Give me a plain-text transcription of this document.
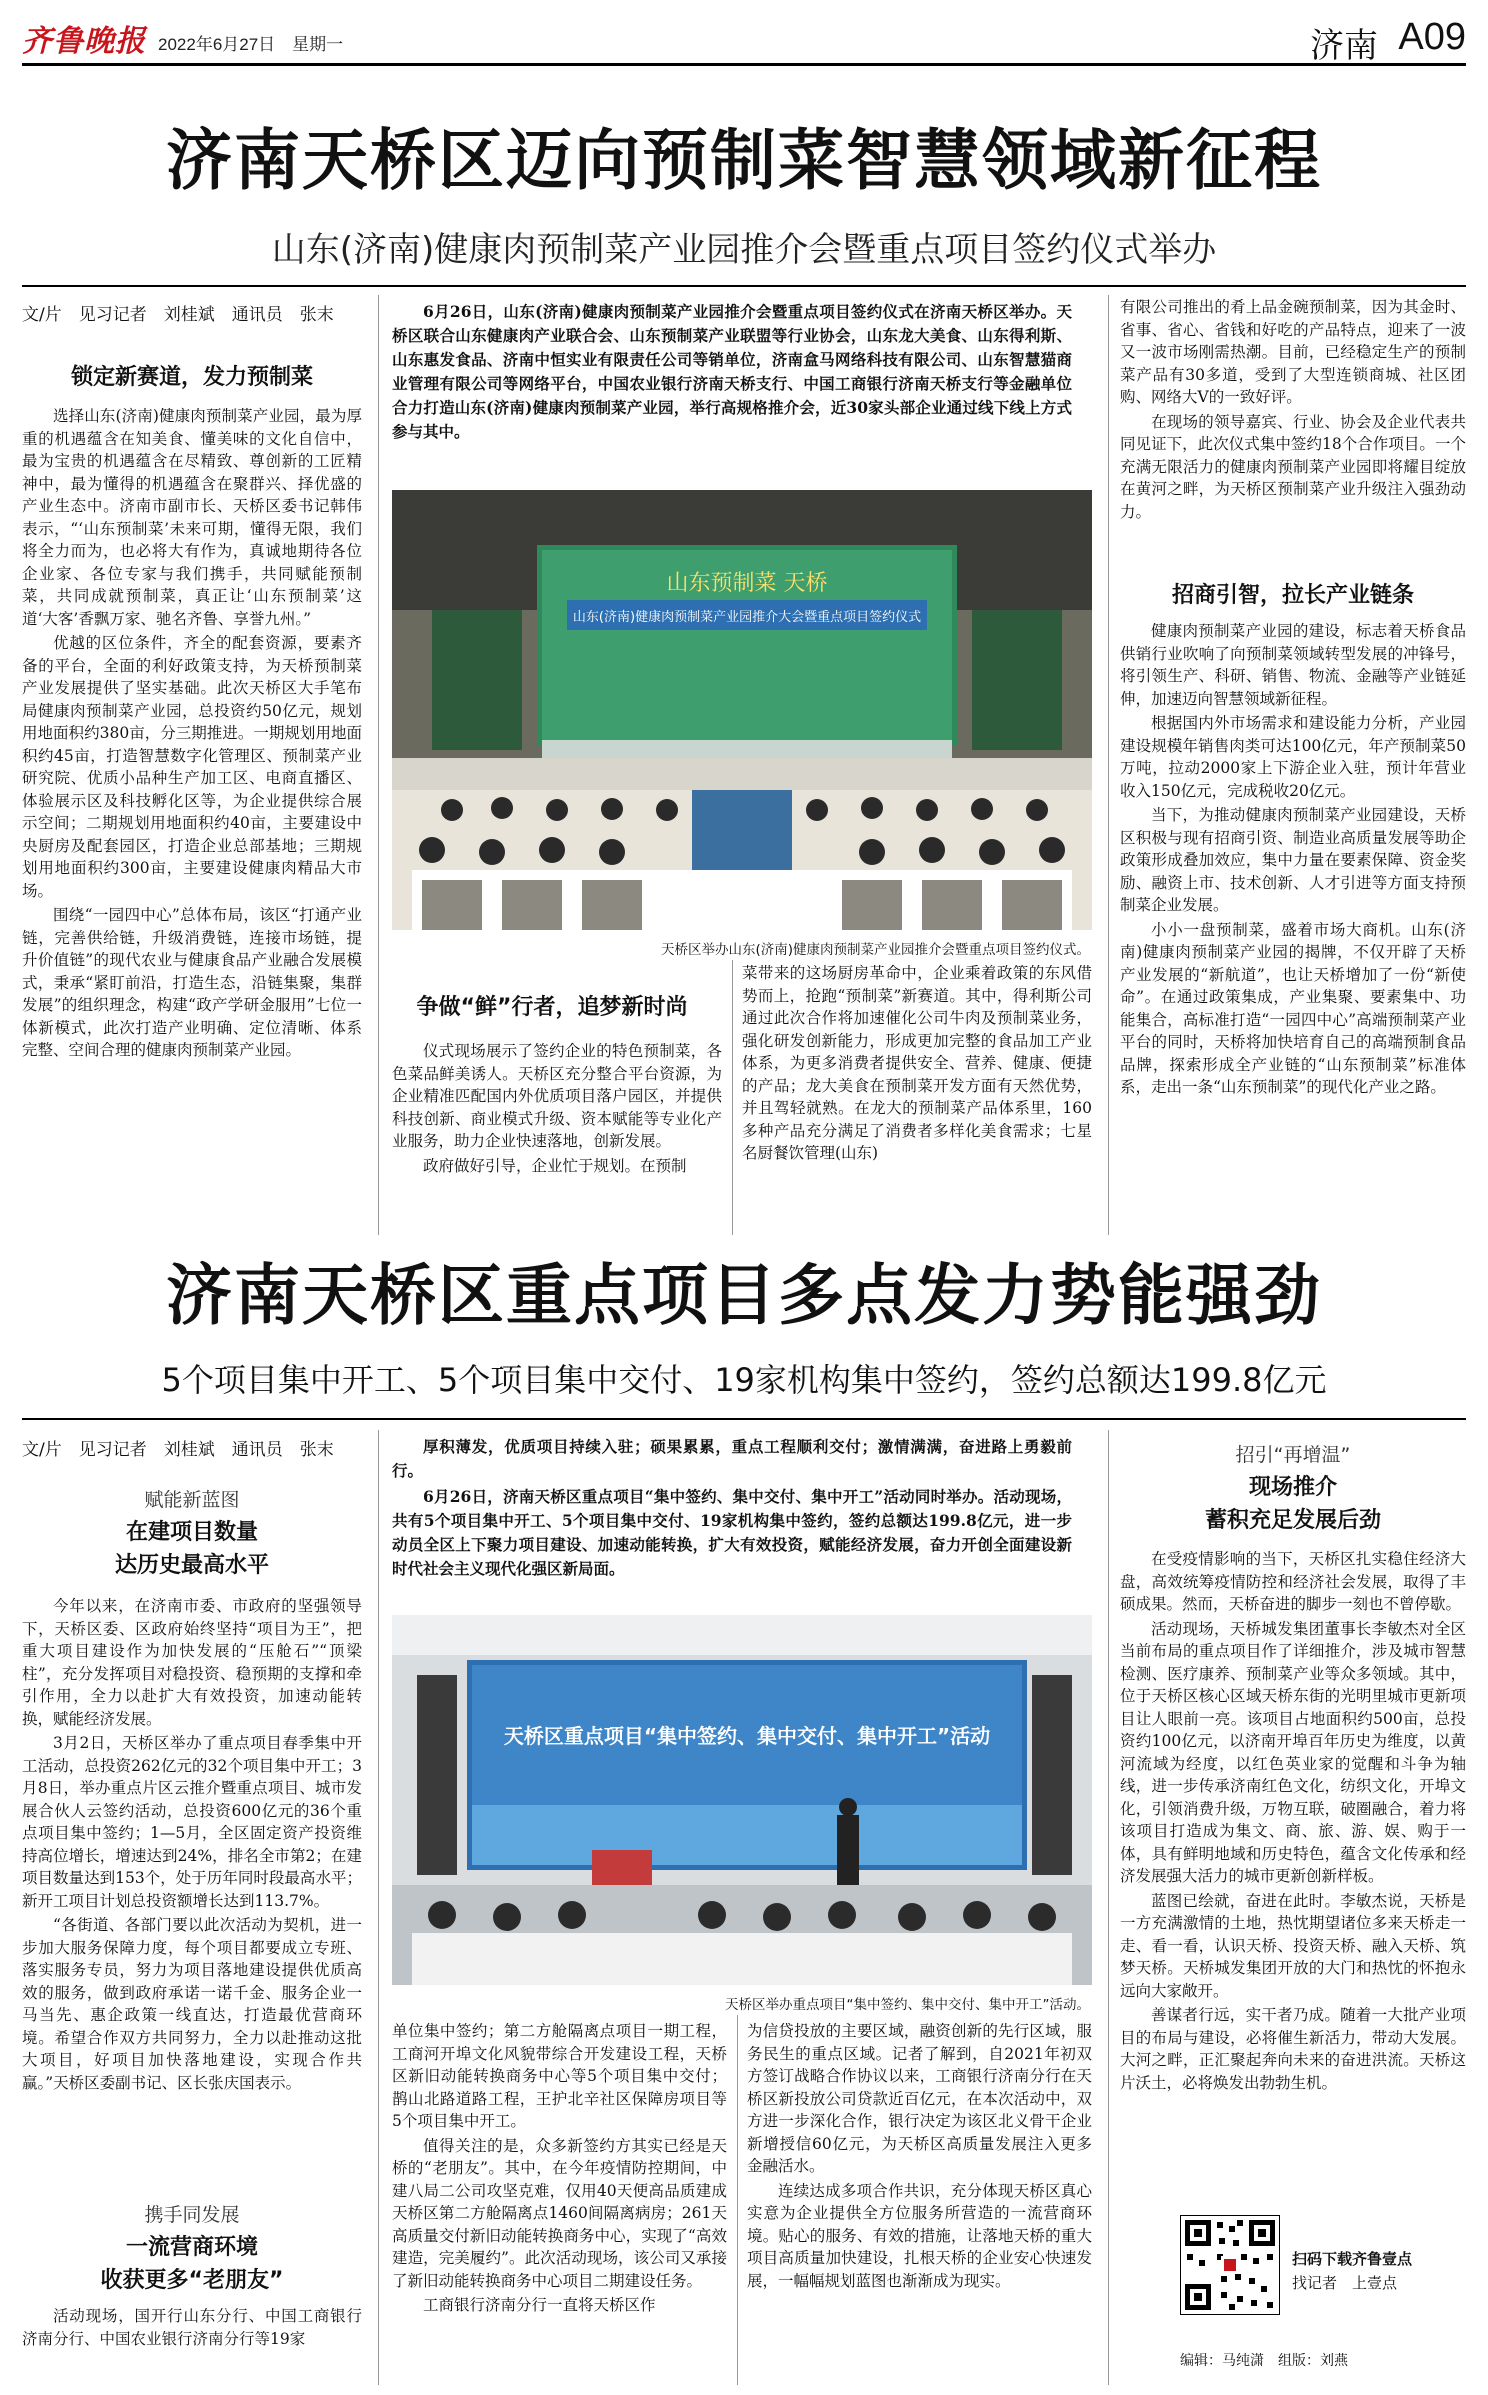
齐鲁晚报 2022年6月27日　星期一	济南 A09
济南天桥区迈向预制菜智慧领域新征程
山东(济南)健康肉预制菜产业园推介会暨重点项目签约仪式举办
文/片　见习记者　刘桂斌　通讯员　张末
锁定新赛道，发力预制菜

选择山东(济南)健康肉预制菜产业园，最为厚重的机遇蕴含在知美食、懂美味的文化自信中，最为宝贵的机遇蕴含在尽精致、尊创新的工匠精神中，最为懂得的机遇蕴含在聚群兴、择优盛的产业生态中。济南市副市长、天桥区委书记韩伟表示，“‘山东预制菜’未来可期，懂得无限，我们将全力而为，也必将大有作为，真诚地期待各位企业家、各位专家与我们携手，共同赋能预制菜，共同成就预制菜，真正让‘山东预制菜’这道‘大客’香飘万家、驰名齐鲁、享誉九州。”

优越的区位条件，齐全的配套资源，要素齐备的平台，全面的利好政策支持，为天桥预制菜产业发展提供了坚实基础。此次天桥区大手笔布局健康肉预制菜产业园，总投资约50亿元，规划用地面积约380亩，分三期推进。一期规划用地面积约45亩，打造智慧数字化管理区、预制菜产业研究院、优质小品种生产加工区、电商直播区、体验展示区及科技孵化区等，为企业提供综合展示空间；二期规划用地面积约40亩，主要建设中央厨房及配套园区，打造企业总部基地；三期规划用地面积约300亩，主要建设健康肉精品大市场。

围绕“一园四中心”总体布局，该区“打通产业链，完善供给链，升级消费链，连接市场链，提升价值链”的现代农业与健康食品产业融合发展模式，秉承“紧盯前沿，打造生态，沿链集聚，集群发展”的组织理念，构建“政产学研金服用”七位一体新模式，此次打造产业明确、定位清晰、体系完整、空间合理的健康肉预制菜产业园。

6月26日，山东(济南)健康肉预制菜产业园推介会暨重点项目签约仪式在济南天桥区举办。天桥区联合山东健康肉产业联合会、山东预制菜产业联盟等行业协会，山东龙大美食、山东得利斯、山东惠发食品、济南中恒实业有限责任公司等销单位，济南盒马网络科技有限公司、山东智慧猫商业管理有限公司等网络平台，中国农业银行济南天桥支行、中国工商银行济南天桥支行等金融单位合力打造山东(济南)健康肉预制菜产业园，举行高规格推介会，近30家头部企业通过线下线上方式参与其中。
山东预制菜 天桥
山东(济南)健康肉预制菜产业园推介大会暨重点项目签约仪式
天桥区举办山东(济南)健康肉预制菜产业园推介会暨重点项目签约仪式。
争做“鲜”行者，追梦新时尚

仪式现场展示了签约企业的特色预制菜，各色菜品鲜美诱人。天桥区充分整合平台资源，为企业精准匹配国内外优质项目落户园区，并提供科技创新、商业模式升级、资本赋能等专业化产业服务，助力企业快速落地，创新发展。

政府做好引导，企业忙于规划。在预制

菜带来的这场厨房革命中，企业乘着政策的东风借势而上，抢跑“预制菜”新赛道。其中，得利斯公司通过此次合作将加速催化公司牛肉及预制菜业务，强化研发创新能力，形成更加完整的食品加工产业体系，为更多消费者提供安全、营养、健康、便捷的产品；龙大美食在预制菜开发方面有天然优势，并且驾轻就熟。在龙大的预制菜产品体系里，160多种产品充分满足了消费者多样化美食需求；七星名厨餐饮管理(山东)

有限公司推出的肴上品金碗预制菜，因为其金时、省事、省心、省钱和好吃的产品特点，迎来了一波又一波市场刚需热潮。目前，已经稳定生产的预制菜产品有30多道，受到了大型连锁商城、社区团购、网络大V的一致好评。

在现场的领导嘉宾、行业、协会及企业代表共同见证下，此次仪式集中签约18个合作项目。一个充满无限活力的健康肉预制菜产业园即将耀目绽放在黄河之畔，为天桥区预制菜产业升级注入强劲动力。

招商引智，拉长产业链条

健康肉预制菜产业园的建设，标志着天桥食品供销行业吹响了向预制菜领域转型发展的冲锋号，将引领生产、科研、销售、物流、金融等产业链延伸，加速迈向智慧领域新征程。

根据国内外市场需求和建设能力分析，产业园建设规模年销售肉类可达100亿元，年产预制菜50万吨，拉动2000家上下游企业入驻，预计年营业收入150亿元，完成税收20亿元。

当下，为推动健康肉预制菜产业园建设，天桥区积极与现有招商引资、制造业高质量发展等助企政策形成叠加效应，集中力量在要素保障、资金奖励、融资上市、技术创新、人才引进等方面支持预制菜企业发展。

小小一盘预制菜，盛着市场大商机。山东(济南)健康肉预制菜产业园的揭牌，不仅开辟了天桥产业发展的“新航道”，也让天桥增加了一份“新使命”。在通过政策集成，产业集聚、要素集中、功能集合，高标准打造“一园四中心”高端预制菜产业平台的同时，天桥将加快培育自己的高端预制食品品牌，探索形成全产业链的“山东预制菜”标准体系，走出一条“山东预制菜”的现代化产业之路。

济南天桥区重点项目多点发力势能强劲
5个项目集中开工、5个项目集中交付、19家机构集中签约，签约总额达199.8亿元
文/片　见习记者　刘桂斌　通讯员　张末
赋能新蓝图
在建项目数量
达历史最高水平

今年以来，在济南市委、市政府的坚强领导下，天桥区委、区政府始终坚持“项目为王”，把重大项目建设作为加快发展的“压舱石”“顶梁柱”，充分发挥项目对稳投资、稳预期的支撑和牵引作用，全力以赴扩大有效投资，加速动能转换，赋能经济发展。

3月2日，天桥区举办了重点项目春季集中开工活动，总投资262亿元的32个项目集中开工；3月8日，举办重点片区云推介暨重点项目、城市发展合伙人云签约活动，总投资600亿元的36个重点项目集中签约；1—5月，全区固定资产投资维持高位增长，增速达到24%，排名全市第2；在建项目数量达到153个，处于历年同时段最高水平；新开工项目计划总投资额增长达到113.7%。

“各街道、各部门要以此次活动为契机，进一步加大服务保障力度，每个项目都要成立专班、落实服务专员，努力为项目落地建设提供优质高效的服务，做到政府承诺一诺千金、服务企业一马当先、惠企政策一线直达，打造最优营商环境。希望合作双方共同努力，全力以赴推动这批大项目，好项目加快落地建设，实现合作共赢。”天桥区委副书记、区长张庆国表示。

携手同发展
一流营商环境
收获更多“老朋友”

活动现场，国开行山东分行、中国工商银行济南分行、中国农业银行济南分行等19家

厚积薄发，优质项目持续入驻；硕果累累，重点工程顺利交付；激情满满，奋进路上勇毅前行。
6月26日，济南天桥区重点项目“集中签约、集中交付、集中开工”活动同时举办。活动现场，共有5个项目集中开工、5个项目集中交付、19家机构集中签约，签约总额达199.8亿元，进一步动员全区上下聚力项目建设、加速动能转换，扩大有效投资，赋能经济发展，奋力开创全面建设新时代社会主义现代化强区新局面。
天桥区重点项目“集中签约、集中交付、集中开工”活动
天桥区举办重点项目“集中签约、集中交付、集中开工”活动。

单位集中签约；第二方舱隔离点项目一期工程，工商河开埠文化风貌带综合开发建设工程，天桥区新旧动能转换商务中心等5个项目集中交付；鹊山北路道路工程，王护北辛社区保障房项目等5个项目集中开工。

值得关注的是，众多新签约方其实已经是天桥的“老朋友”。其中，在今年疫情防控期间，中建八局二公司攻坚克难，仅用40天便高品质建成天桥区第二方舱隔离点1460间隔离病房；261天高质量交付新旧动能转换商务中心，实现了“高效建造，完美履约”。此次活动现场，该公司又承接了新旧动能转换商务中心项目二期建设任务。

工商银行济南分行一直将天桥区作

为信贷投放的主要区域，融资创新的先行区域，服务民生的重点区域。记者了解到，自2021年初双方签订战略合作协议以来，工商银行济南分行在天桥区新投放公司贷款近百亿元，在本次活动中，双方进一步深化合作，银行决定为该区北义骨干企业新增授信60亿元，为天桥区高质量发展注入更多金融活水。

连续达成多项合作共识，充分体现天桥区真心实意为企业提供全方位服务所营造的一流营商环境。贴心的服务、有效的措施，让落地天桥的重大项目高质量加快建设，扎根天桥的企业安心快速发展，一幅幅规划蓝图也渐渐成为现实。

招引“再增温”
现场推介
蓄积充足发展后劲

在受疫情影响的当下，天桥区扎实稳住经济大盘，高效统筹疫情防控和经济社会发展，取得了丰硕成果。然而，天桥奋进的脚步一刻也不曾停歇。

活动现场，天桥城发集团董事长李敏杰对全区当前布局的重点项目作了详细推介，涉及城市智慧检测、医疗康养、预制菜产业等众多领域。其中，位于天桥区核心区域天桥东街的光明里城市更新项目让人眼前一亮。该项目占地面积约500亩，总投资约100亿元，以济南开埠百年历史为维度，以黄河流域为经度，以红色英业家的觉醒和斗争为轴线，进一步传承济南红色文化，纺织文化，开埠文化，引领消费升级，万物互联，破圈融合，着力将该项目打造成为集文、商、旅、游、娱、购于一体，具有鲜明地域和历史特色，蕴含文化传承和经济发展强大活力的城市更新创新样板。

蓝图已绘就，奋进在此时。李敏杰说，天桥是一方充满激情的土地，热忱期望诸位多来天桥走一走、看一看，认识天桥、投资天桥、融入天桥、筑梦天桥。天桥城发集团开放的大门和热忱的怀抱永远向大家敞开。

善谋者行远，实干者乃成。随着一大批产业项目的布局与建设，必将催生新活力，带动大发展。大河之畔，正汇聚起奔向未来的奋进洪流。天桥这片沃土，必将焕发出勃勃生机。

扫码下载齐鲁壹点
找记者　上壹点
编辑：马纯潇　组版：刘燕
